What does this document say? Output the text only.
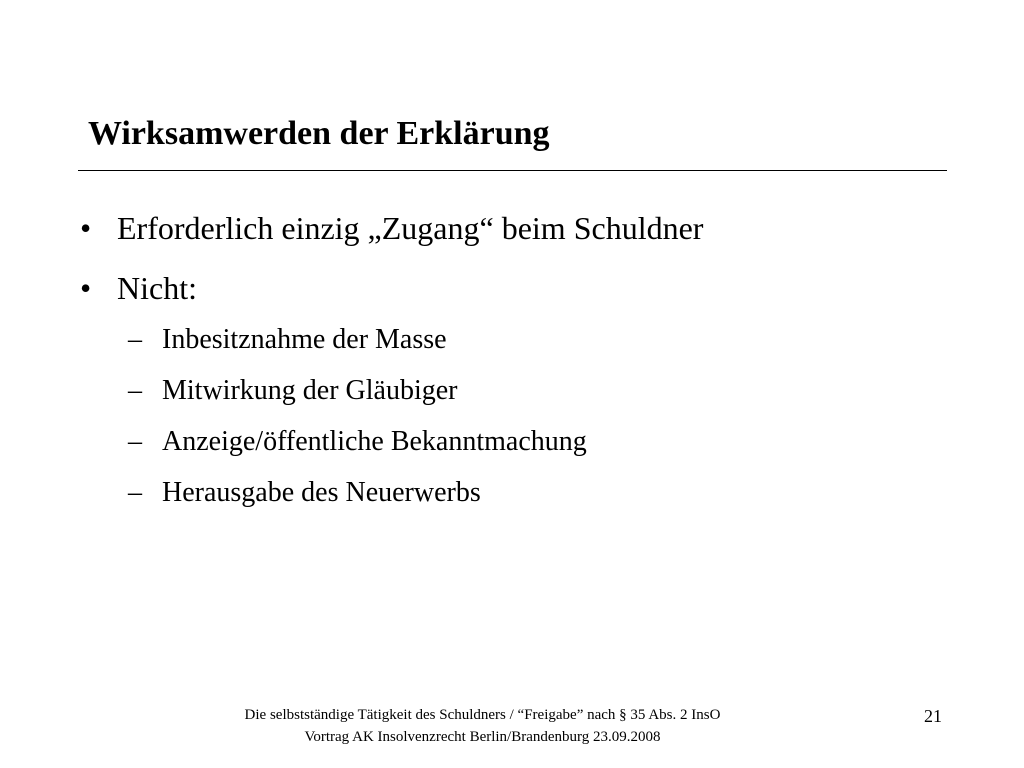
Wirksamwerden der Erklärung
• Erforderlich einzig „Zugang“ beim Schuldner
• Nicht:
– Inbesitznahme der Masse
– Mitwirkung der Gläubiger
– Anzeige/öffentliche Bekanntmachung
– Herausgabe des Neuerwerbs
Die selbstständige Tätigkeit des Schuldners / “Freigabe” nach § 35 Abs. 2 InsO
Vortrag AK Insolvenzrecht Berlin/Brandenburg 23.09.2008
21
